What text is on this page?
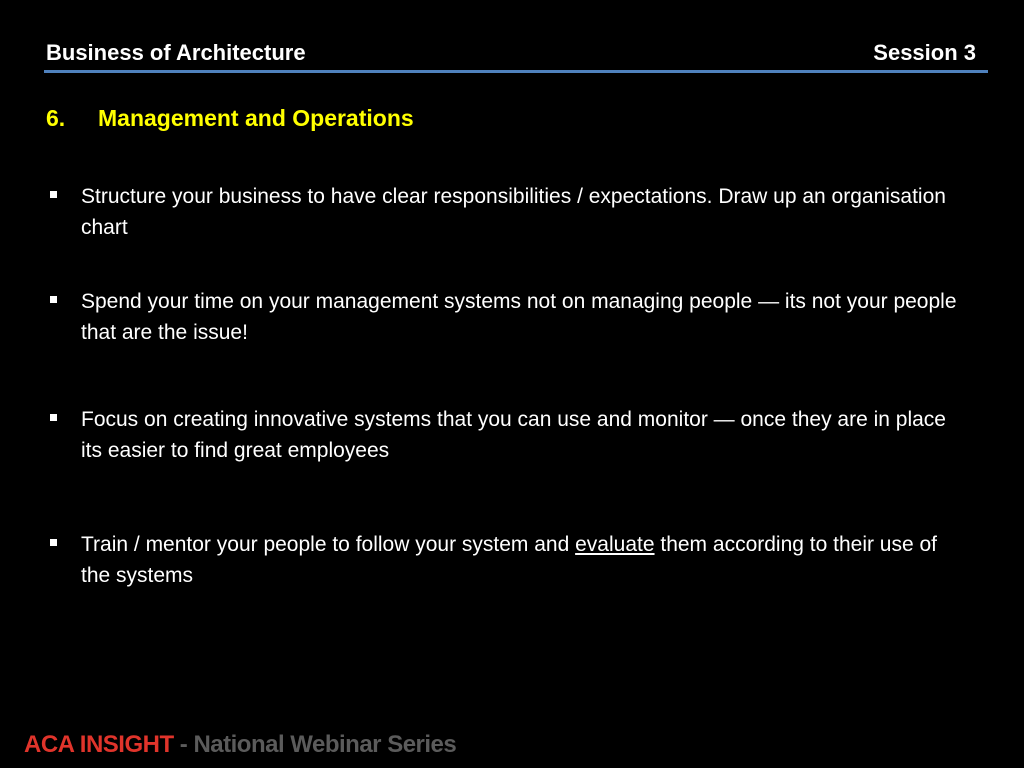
Business of Architecture	Session 3
6. Management and Operations
Structure your business to have clear responsibilities / expectations. Draw up an organisation chart
Spend your time on your management systems not on managing people — its not your people that are the issue!
Focus on creating innovative systems that you can use and monitor — once they are in place its easier to find great employees
Train / mentor your people to follow your system and evaluate them according to their use of the systems
ACA INSIGHT - National Webinar Series
